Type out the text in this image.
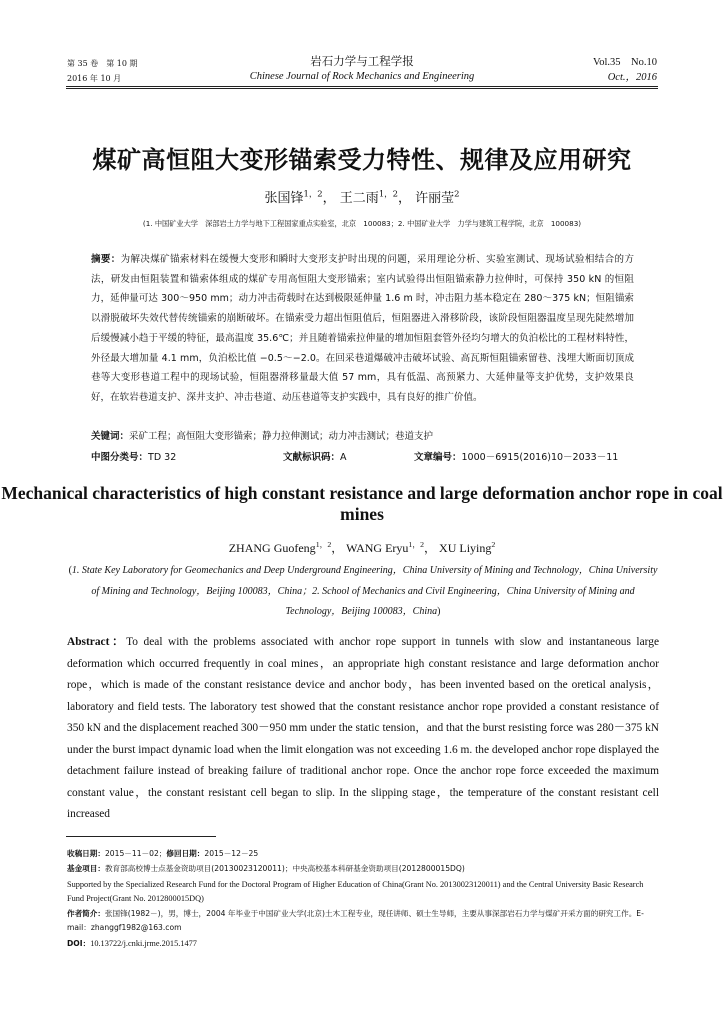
第 35 卷　第 10 期
2016 年 10 月
岩石力学与工程学报
Chinese Journal of Rock Mechanics and Engineering
Vol.35　No.10
Oct.，2016
煤矿高恒阻大变形锚索受力特性、规律及应用研究
张国锋$^{1,2}$， 王二雨$^{1,2}$， 许丽莹$^2$
(1. 中国矿业大学　深部岩土力学与地下工程国家重点实验室，北京　100083；2. 中国矿业大学　力学与建筑工程学院，北京　100083)
摘要：为解决煤矿锚索材料在缓慢大变形和瞬时大变形支护时出现的问题，采用理论分析、实验室测试、现场试验相结合的方法，研发由恒阻装置和锚索体组成的煤矿专用高恒阻大变形锚索；室内试验得出恒阻锚索静力拉伸时，可保持 350 kN 的恒阻力，延伸量可达 300～950 mm；动力冲击荷载时在达到极限延伸量 1.6 m 时，冲击阻力基本稳定在 280～375 kN；恒阻锚索以滑脱破坏失效代替传统锚索的崩断破坏。在锚索受力超出恒阻值后，恒阻器进入滑移阶段，该阶段恒阻器温度呈现先陡然增加后缓慢减小趋于平缓的特征，最高温度 35.6℃；并且随着锚索拉伸量的增加恒阻套管外径均匀增大的负泊松比的工程材料特性，外径最大增加量 4.1 mm，负泊松比值 −0.5～−2.0。在回采巷道爆破冲击破坏试验、高瓦斯恒阻锚索留巷、浅埋大断面切顶成巷等大变形巷道工程中的现场试验，恒阻器滑移量最大值 57 mm，具有低温、高预紧力、大延伸量等支护优势，支护效果良好，在软岩巷道支护、深井支护、冲击巷道、动压巷道等支护实践中，具有良好的推广价值。
关键词：采矿工程；高恒阻大变形锚索；静力拉伸测试；动力冲击测试；巷道支护
中图分类号：TD 32	文献标识码：A	文章编号：1000－6915(2016)10－2033－11
Mechanical characteristics of high constant resistance and large deformation anchor rope in coal mines
ZHANG Guofeng$^{1,2}$， WANG Eryu$^{1,2}$， XU Liying$^2$
(1. State Key Laboratory for Geomechanics and Deep Underground Engineering，China University of Mining and Technology，China University of Mining and Technology，Beijing 100083，China；2. School of Mechanics and Civil Engineering，China University of Mining and Technology，Beijing 100083，China)
Abstract：To deal with the problems associated with anchor rope support in tunnels with slow and instantaneous large deformation which occurred frequently in coal mines，an appropriate high constant resistance and large deformation anchor rope，which is made of the constant resistance device and anchor body，has been invented based on the oretical analysis，laboratory and field tests. The laboratory test showed that the constant resistance anchor rope provided a constant resistance of 350 kN and the displacement reached 300－950 mm under the static tension，and that the burst resisting force was 280－375 kN under the burst impact dynamic load when the limit elongation was not exceeding 1.6 m. the developed anchor rope displayed the detachment failure instead of breaking failure of traditional anchor rope. Once the anchor rope force exceeded the maximum constant value，the constant resistant cell began to slip. In the slipping stage，the temperature of the constant resistant cell increased
收稿日期：2015－11－02；修回日期：2015－12－25
基金项目：教育部高校博士点基金资助项目(20130023120011)；中央高校基本科研基金资助项目(2012800015DQ)
Supported by the Specialized Research Fund for the Doctoral Program of Higher Education of China(Grant No. 20130023120011) and the Central University Basic Research Fund Project(Grant No. 2012800015DQ)
作者简介：张国锋(1982－)，男，博士，2004 年毕业于中国矿业大学(北京)土木工程专业，现任讲师、硕士生导师，主要从事深部岩石力学与煤矿开采方面的研究工作。E-mail：zhanggf1982@163.com
DOI：10.13722/j.cnki.jrme.2015.1477
